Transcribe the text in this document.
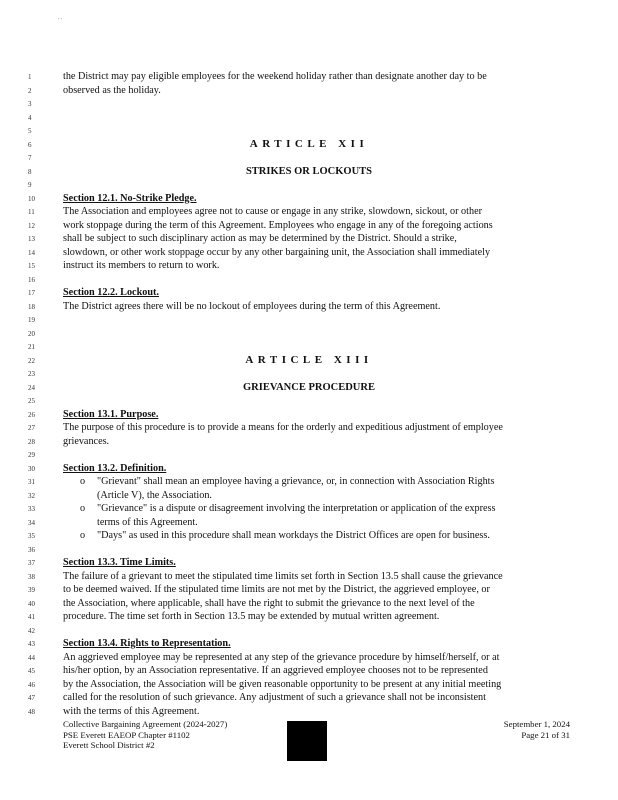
' '
1	the District may pay eligible employees for the weekend holiday rather than designate another day to be
2	observed as the holiday.
3
4
5
6	ARTICLE XII
7
8	STRIKES OR LOCKOUTS
9
10	Section 12.1. No-Strike Pledge.
11	The Association and employees agree not to cause or engage in any strike, slowdown, sickout, or other
12	work stoppage during the term of this Agreement. Employees who engage in any of the foregoing actions
13	shall be subject to such disciplinary action as may be determined by the District. Should a strike,
14	slowdown, or other work stoppage occur by any other bargaining unit, the Association shall immediately
15	instruct its members to return to work.
16
17	Section 12.2. Lockout.
18	The District agrees there will be no lockout of employees during the term of this Agreement.
19
20
21
22	ARTICLE XIII
23
24	GRIEVANCE PROCEDURE
25
26	Section 13.1. Purpose.
27	The purpose of this procedure is to provide a means for the orderly and expeditious adjustment of employee
28	grievances.
29
30	Section 13.2. Definition.
31	"Grievant" shall mean an employee having a grievance, or, in connection with Association Rights
o
32	(Article V), the Association.
33	"Grievance" is a dispute or disagreement involving the interpretation or application of the express
o
34	terms of this Agreement.
35	"Days" as used in this procedure shall mean workdays the District Offices are open for business.
o
36
37	Section 13.3. Time Limits.
38	The failure of a grievant to meet the stipulated time limits set forth in Section 13.5 shall cause the grievance
39	to be deemed waived. If the stipulated time limits are not met by the District, the aggrieved employee, or
40	the Association, where applicable, shall have the right to submit the grievance to the next level of the
41	procedure. The time set forth in Section 13.5 may be extended by mutual written agreement.
42
43	Section 13.4. Rights to Representation.
44	An aggrieved employee may be represented at any step of the grievance procedure by himself/herself, or at
45	his/her option, by an Association representative. If an aggrieved employee chooses not to be represented
46	by the Association, the Association will be given reasonable opportunity to be present at any initial meeting
47	called for the resolution of such grievance. Any adjustment of such a grievance shall not be inconsistent
48	with the terms of this Agreement.
Collective Bargaining Agreement (2024-2027)
PSE Everett EAEOP Chapter #1102
Everett School District #2
September 1, 2024
Page 21 of 31
